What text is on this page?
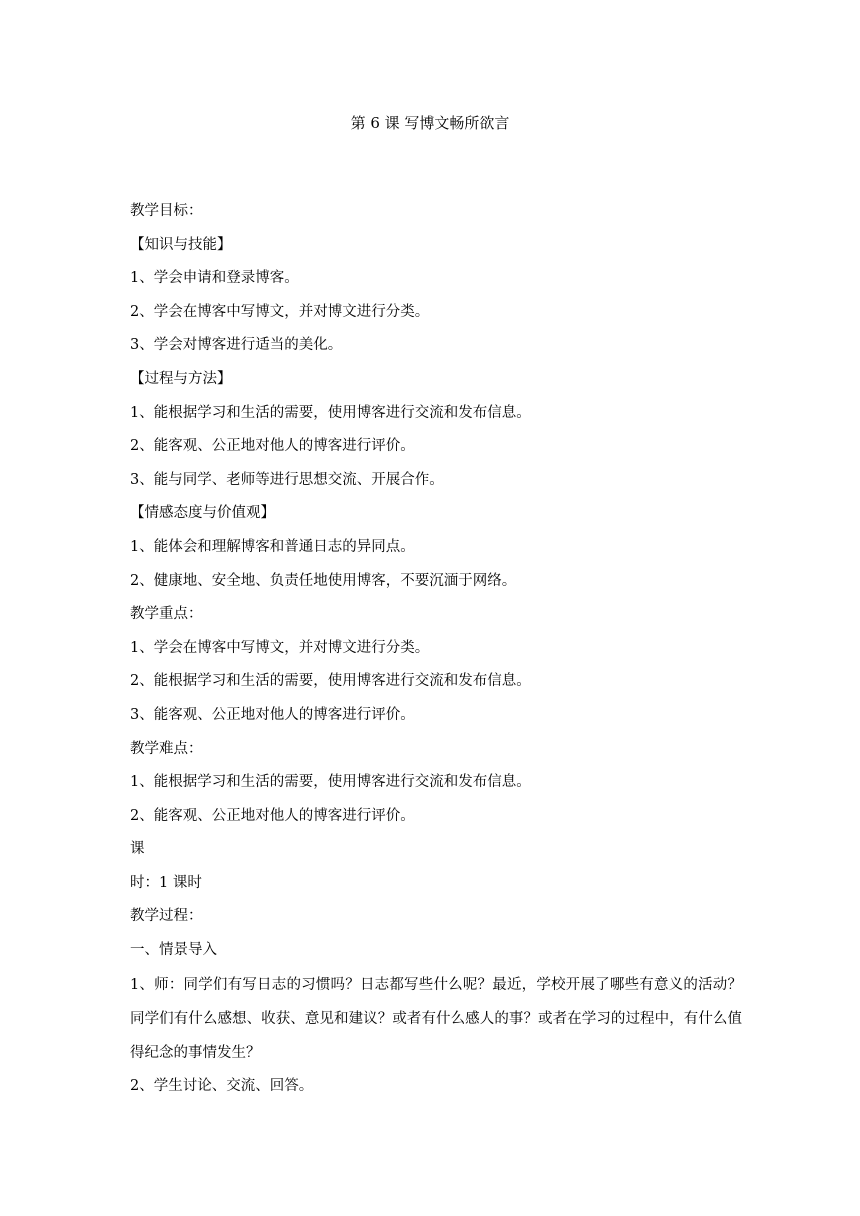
第 6 课 写博文畅所欲言

教学目标：

【知识与技能】

1、学会申请和登录博客。

2、学会在博客中写博文，并对博文进行分类。

3、学会对博客进行适当的美化。

【过程与方法】

1、能根据学习和生活的需要，使用博客进行交流和发布信息。

2、能客观、公正地对他人的博客进行评价。

3、能与同学、老师等进行思想交流、开展合作。

【情感态度与价值观】

1、能体会和理解博客和普通日志的异同点。

2、健康地、安全地、负责任地使用博客，不要沉湎于网络。

教学重点：

1、学会在博客中写博文，并对博文进行分类。

2、能根据学习和生活的需要，使用博客进行交流和发布信息。

3、能客观、公正地对他人的博客进行评价。

教学难点：

1、能根据学习和生活的需要，使用博客进行交流和发布信息。

2、能客观、公正地对他人的博客进行评价。

课

时：1 课时

教学过程：

一、情景导入

1、师：同学们有写日志的习惯吗？日志都写些什么呢？最近，学校开展了哪些有意义的活动？同学们有什么感想、收获、意见和建议？或者有什么感人的事？或者在学习的过程中，有什么值得纪念的事情发生？

2、学生讨论、交流、回答。
